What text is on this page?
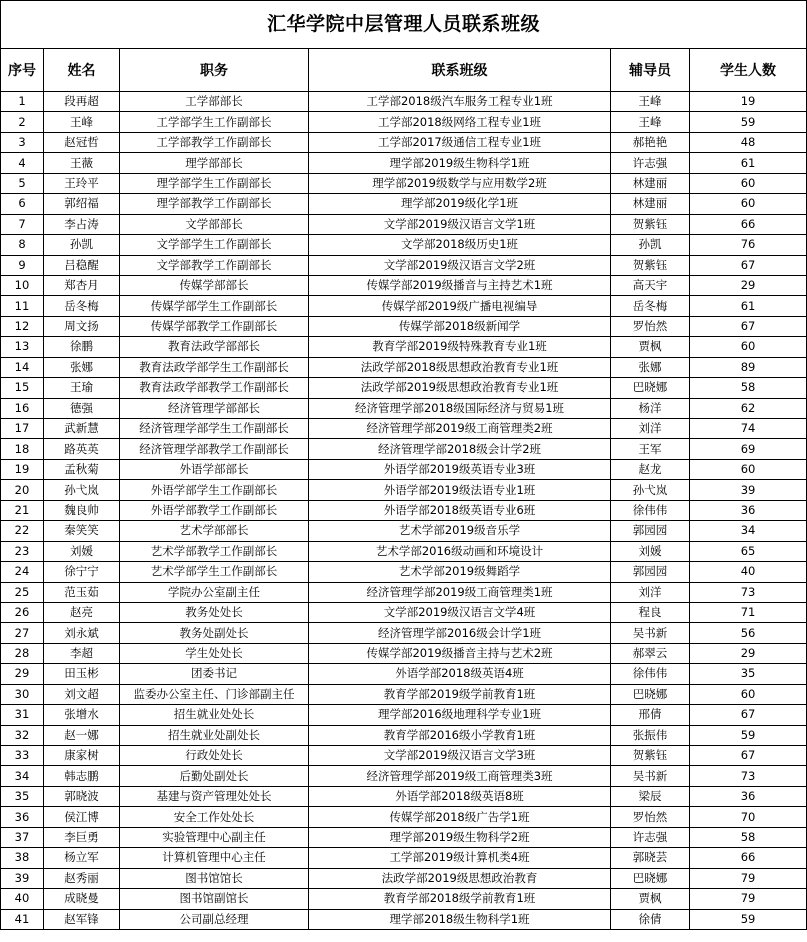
汇华学院中层管理人员联系班级					
序号	姓名	职务	联系班级	辅导员	学生人数
1	段再超	工学部部长	工学部2018级汽车服务工程专业1班	王峰	19
2	王峰	工学部学生工作副部长	工学部2018级网络工程专业1班	王峰	59
3	赵冠哲	工学部教学工作副部长	工学部2017级通信工程专业1班	郝艳艳	48
4	王薇	理学部部长	理学部2019级生物科学1班	许志强	61
5	王玲平	理学部学生工作副部长	理学部2019级数学与应用数学2班	林建丽	60
6	郭绍福	理学部教学工作副部长	理学部2019级化学1班	林建丽	60
7	李占涛	文学部部长	文学部2019级汉语言文学1班	贺紫钰	66
8	孙凯	文学部学生工作副部长	文学部2018级历史1班	孙凯	76
9	吕稳醒	文学部教学工作副部长	文学部2019级汉语言文学2班	贺紫钰	67
10	郑杏月	传媒学部部长	传媒学部2019级播音与主持艺术1班	高天宇	29
11	岳冬梅	传媒学部学生工作副部长	传媒学部2019级广播电视编导	岳冬梅	61
12	周文扬	传媒学部教学工作副部长	传媒学部2018级新闻学	罗怡然	67
13	徐鹏	教育法政学部部长	教育学部2019级特殊教育专业1班	贾枫	60
14	张娜	教育法政学部学生工作副部长	法政学部2018级思想政治教育专业1班	张娜	89
15	王瑜	教育法政学部教学工作副部长	法政学部2019级思想政治教育专业1班	巴晓娜	58
16	德强	经济管理学部部长	经济管理学部2018级国际经济与贸易1班	杨洋	62
17	武新慧	经济管理学部学生工作副部长	经济管理学部2019级工商管理类2班	刘洋	74
18	路英英	经济管理学部教学工作副部长	经济管理学部2018级会计学2班	王军	69
19	孟秋菊	外语学部部长	外语学部2019级英语专业3班	赵龙	60
20	孙弋岚	外语学部学生工作副部长	外语学部2019级法语专业1班	孙弋岚	39
21	魏良帅	外语学部教学工作副部长	外语学部2018级英语专业6班	徐伟伟	36
22	秦笑笑	艺术学部部长	艺术学部2019级音乐学	郭园园	34
23	刘媛	艺术学部教学工作副部长	艺术学部2016级动画和环境设计	刘媛	65
24	徐宁宁	艺术学部学生工作副部长	艺术学部2019级舞蹈学	郭园园	40
25	范玉茹	学院办公室副主任	经济管理学部2019级工商管理类1班	刘洋	73
26	赵亮	教务处处长	文学部2019级汉语言文学4班	程良	71
27	刘永斌	教务处副处长	经济管理学部2016级会计学1班	吴书新	56
28	李超	学生处处长	传媒学部2019级播音主持与艺术2班	郝翠云	29
29	田玉彬	团委书记	外语学部2018级英语4班	徐伟伟	35
30	刘文超	监委办公室主任、门诊部副主任	教育学部2019级学前教育1班	巴晓娜	60
31	张增水	招生就业处处长	理学部2016级地理科学专业1班	邢倩	67
32	赵一娜	招生就业处副处长	教育学部2016级小学教育1班	张振伟	59
33	康家树	行政处处长	文学部2019级汉语言文学3班	贺紫钰	67
34	韩志鹏	后勤处副处长	经济管理学部2019级工商管理类3班	吴书新	73
35	郭晓波	基建与资产管理处处长	外语学部2018级英语8班	梁辰	36
36	侯江博	安全工作处处长	传媒学部2018级广告学1班	罗怡然	70
37	李巨勇	实验管理中心副主任	理学部2019级生物科学2班	许志强	58
38	杨立军	计算机管理中心主任	工学部2019级计算机类4班	郭晓芸	66
39	赵秀丽	图书馆馆长	法政学部2019级思想政治教育	巴晓娜	79
40	成晓曼	图书馆副馆长	教育学部2018级学前教育1班	贾枫	79
41	赵军锋	公司副总经理	理学部2018级生物科学1班	徐倩	59
